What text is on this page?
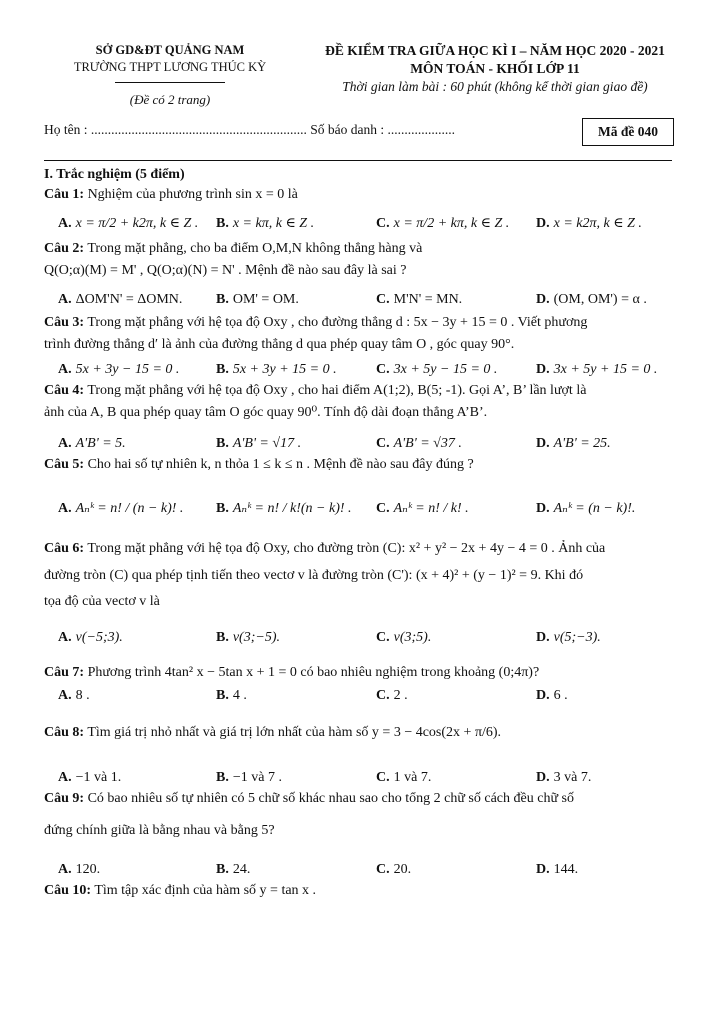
SỞ GD&ĐT QUẢNG NAM
TRƯỜNG THPT LƯƠNG THÚC KỲ
(Đề có 2 trang)
ĐỀ KIỂM TRA GIỮA HỌC KÌ I – NĂM HỌC 2020 - 2021
MÔN TOÁN - KHỐI LỚP 11
Thời gian làm bài : 60 phút (không kể thời gian giao đề)
Họ tên : ................................................................ Số báo danh : ....................	Mã đề 040
I. Trắc nghiệm (5 điểm)
Câu 1: Nghiệm của phương trình sin x = 0 là
A. x = π/2 + k2π, k ∈ Z .	B. x = kπ, k ∈ Z .	C. x = π/2 + kπ, k ∈ Z .	D. x = k2π, k ∈ Z .
Câu 2: Trong mặt phẳng, cho ba điểm O,M,N không thẳng hàng và
Q(O;α)(M) = M' , Q(O;α)(N) = N' . Mệnh đề nào sau đây là sai ?
A. ΔOM'N' = ΔOMN.	B. OM' = OM.	C. M'N' = MN.	D. (OM, OM') = α .
Câu 3: Trong mặt phẳng với hệ tọa độ Oxy , cho đường thẳng d : 5x − 3y + 15 = 0 . Viết phương
trình đường thẳng d′ là ảnh của đường thẳng d qua phép quay tâm O , góc quay 90°.
A. 5x + 3y − 15 = 0 .	B. 5x + 3y + 15 = 0 .	C. 3x + 5y − 15 = 0 .	D. 3x + 5y + 15 = 0 .
Câu 4: Trong mặt phẳng với hệ tọa độ Oxy , cho hai điểm A(1;2), B(5; -1). Gọi A’, B’ lần lượt là
ảnh của A, B qua phép quay tâm O góc quay 90⁰. Tính độ dài đoạn thẳng A’B’.
A. A'B' = 5.	B. A'B' = √17 .	C. A'B' = √37 .	D. A'B' = 25.
Câu 5: Cho hai số tự nhiên k, n thỏa 1 ≤ k ≤ n . Mệnh đề nào sau đây đúng ?
A. Aₙᵏ = n! / (n − k)! .	B. Aₙᵏ = n! / k!(n − k)! .	C. Aₙᵏ = n! / k! .	D. Aₙᵏ = (n − k)!.
Câu 6: Trong mặt phẳng với hệ tọa độ Oxy, cho đường tròn (C): x² + y² − 2x + 4y − 4 = 0 . Ảnh của
đường tròn (C) qua phép tịnh tiến theo vectơ v là đường tròn (C'): (x + 4)² + (y − 1)² = 9. Khi đó
tọa độ của vectơ v là
A. v(−5;3).	B. v(3;−5).	C. v(3;5).	D. v(5;−3).
Câu 7: Phương trình 4tan² x − 5tan x + 1 = 0 có bao nhiêu nghiệm trong khoảng (0;4π)?
A. 8 .	B. 4 .	C. 2 .	D. 6 .
Câu 8: Tìm giá trị nhỏ nhất và giá trị lớn nhất của hàm số y = 3 − 4cos(2x + π/6).
A. −1 và 1.	B. −1 và 7 .	C. 1 và 7.	D. 3 và 7.
Câu 9: Có bao nhiêu số tự nhiên có 5 chữ số khác nhau sao cho tổng 2 chữ số cách đều chữ số
đứng chính giữa là bằng nhau và bằng 5?
A. 120.	B. 24.	C. 20.	D. 144.
Câu 10: Tìm tập xác định của hàm số y = tan x .
